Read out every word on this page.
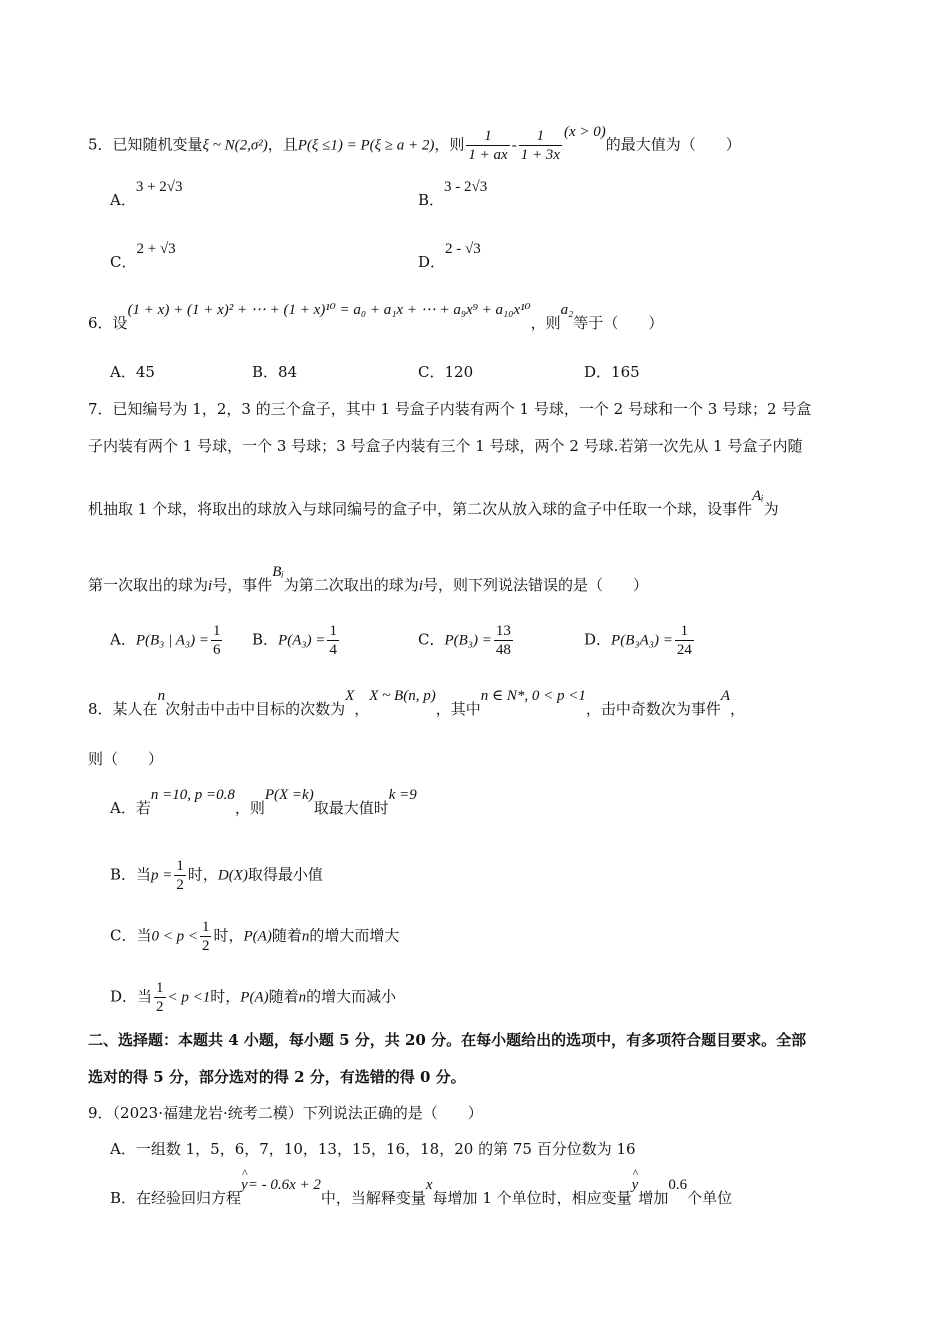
5．已知随机变量ξ ~ N(2,σ²)，且P(ξ ≤1) = P(ξ ≥ a + 2)，则 $\frac{1}{1 + ax} - \frac{1}{1 + 3x} (x > 0)$的最大值为（　　）
A．3 + 2√3
B．3 - 2√3
C．2 + √3
D．2 - √3
6．设(1 + x) + (1 + x)² + ⋯ + (1 + x)¹⁰ = a₀ + a₁x + ⋯ + a₉x⁹ + a₁₀x¹⁰，则a₂等于（　　）
A．45	B．84	C．120	D．165
7．已知编号为 1，2，3 的三个盒子，其中 1 号盒子内装有两个 1 号球，一个 2 号球和一个 3 号球；2 号盒
子内装有两个 1 号球，一个 3 号球；3 号盒子内装有三个 1 号球，两个 2 号球.若第一次先从 1 号盒子内随
机抽取 1 个球，将取出的球放入与球同编号的盒子中，第二次从放入球的盒子中任取一个球，设事件Aᵢ为
第一次取出的球为i号，事件Bᵢ为第二次取出的球为i号，则下列说法错误的是（　　）
A．P(B₃ | $A_3) = \frac{1}{6}$ B．$P(A_3) = \frac{1}{4}$	C．$P(B_3) = \frac{13}{48}$	D．$P(B_3A_3) = \frac{1}{24}$
8．某人在n次射击中击中目标的次数为X，X ~ B(n, p)，其中n ∈ N*, 0 < p <1，击中奇数次为事件A，
则（　　）
A．若n =10, p =0.8，则P(X =k)取最大值时k =9
B．当$p = \frac{1}{2}$ 时，D(X)取得最小值
C．当$0 < p < \frac{1}{2}$ 时，P(A)随着n的增大而增大
D．当 $\frac{1}{2} < p <1$时，P(A)随着n的增大而减小
二、选择题：本题共 4 小题，每小题 5 分，共 20 分。在每小题给出的选项中，有多项符合题目要求。全部
选对的得 5 分，部分选对的得 2 分，有选错的得 0 分。
9．（2023·福建龙岩·统考二模）下列说法正确的是（　　）
A．一组数 1，5，6，7，10，13，15，16，18，20 的第 75 百分位数为 16
B．在经验回归方程^ y= - 0.6x + 2中，当解释变量x每增加 1 个单位时，相应变量^ y增加0.6个单位
